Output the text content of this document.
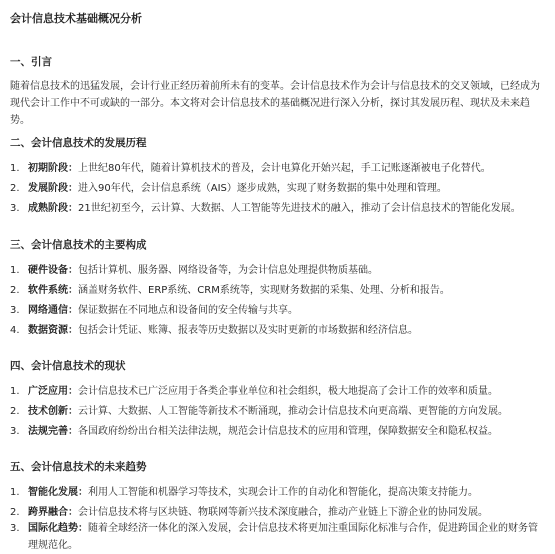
会计信息技术基础概况分析
一、引言
随着信息技术的迅猛发展，会计行业正经历着前所未有的变革。会计信息技术作为会计与信息技术的交叉领域，已经成为现代会计工作中不可或缺的一部分。本文将对会计信息技术的基础概况进行深入分析，探讨其发展历程、现状及未来趋势。
二、会计信息技术的发展历程
1. 初期阶段：上世纪80年代，随着计算机技术的普及，会计电算化开始兴起，手工记账逐渐被电子化替代。
2. 发展阶段：进入90年代，会计信息系统（AIS）逐步成熟，实现了财务数据的集中处理和管理。
3. 成熟阶段：21世纪初至今，云计算、大数据、人工智能等先进技术的融入，推动了会计信息技术的智能化发展。
三、会计信息技术的主要构成
1. 硬件设备：包括计算机、服务器、网络设备等，为会计信息处理提供物质基础。
2. 软件系统：涵盖财务软件、ERP系统、CRM系统等，实现财务数据的采集、处理、分析和报告。
3. 网络通信：保证数据在不同地点和设备间的安全传输与共享。
4. 数据资源：包括会计凭证、账簿、报表等历史数据以及实时更新的市场数据和经济信息。
四、会计信息技术的现状
1. 广泛应用：会计信息技术已广泛应用于各类企事业单位和社会组织，极大地提高了会计工作的效率和质量。
2. 技术创新：云计算、大数据、人工智能等新技术不断涌现，推动会计信息技术向更高端、更智能的方向发展。
3. 法规完善：各国政府纷纷出台相关法律法规，规范会计信息技术的应用和管理，保障数据安全和隐私权益。
五、会计信息技术的未来趋势
1. 智能化发展：利用人工智能和机器学习等技术，实现会计工作的自动化和智能化，提高决策支持能力。
2. 跨界融合：会计信息技术将与区块链、物联网等新兴技术深度融合，推动产业链上下游企业的协同发展。
3. 国际化趋势：随着全球经济一体化的深入发展，会计信息技术将更加注重国际化标准与合作，促进跨国企业的财务管理规范化。
